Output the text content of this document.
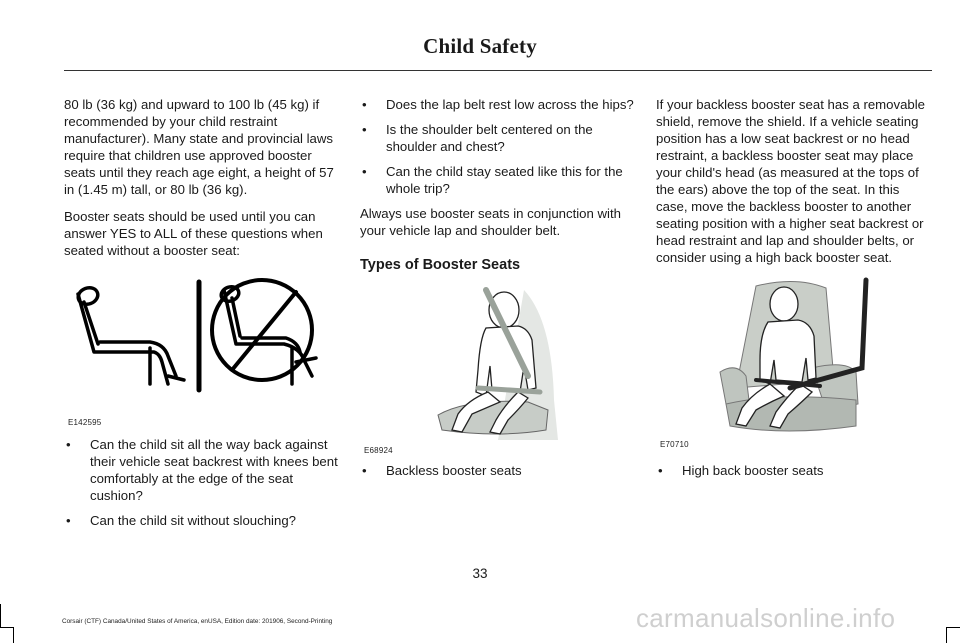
Child Safety

80 lb (36 kg) and upward to 100 lb (45 kg) if recommended by your child restraint manufacturer). Many state and provincial laws require that children use approved booster seats until they reach age eight, a height of 57 in (1.45 m) tall, or 80 lb (36 kg).

Booster seats should be used until you can answer YES to ALL of these questions when seated without a booster seat:

E142595
• Can the child sit all the way back against their vehicle seat backrest with knees bent comfortably at the edge of the seat cushion?
• Can the child sit without slouching?
• Does the lap belt rest low across the hips?
• Is the shoulder belt centered on the shoulder and chest?
• Can the child stay seated like this for the whole trip?

Always use booster seats in conjunction with your vehicle lap and shoulder belt.

Types of Booster Seats
E68924
• Backless booster seats

If your backless booster seat has a removable shield, remove the shield. If a vehicle seating position has a low seat backrest or no head restraint, a backless booster seat may place your child's head (as measured at the tops of the ears) above the top of the seat. In this case, move the backless booster to another seating position with a higher seat backrest or head restraint and lap and shoulder belts, or consider using a high back booster seat.

E70710
• High back booster seats
33
Corsair (CTF) Canada/United States of America, enUSA, Edition date: 201906, Second-Printing	carmanualsonline.info
